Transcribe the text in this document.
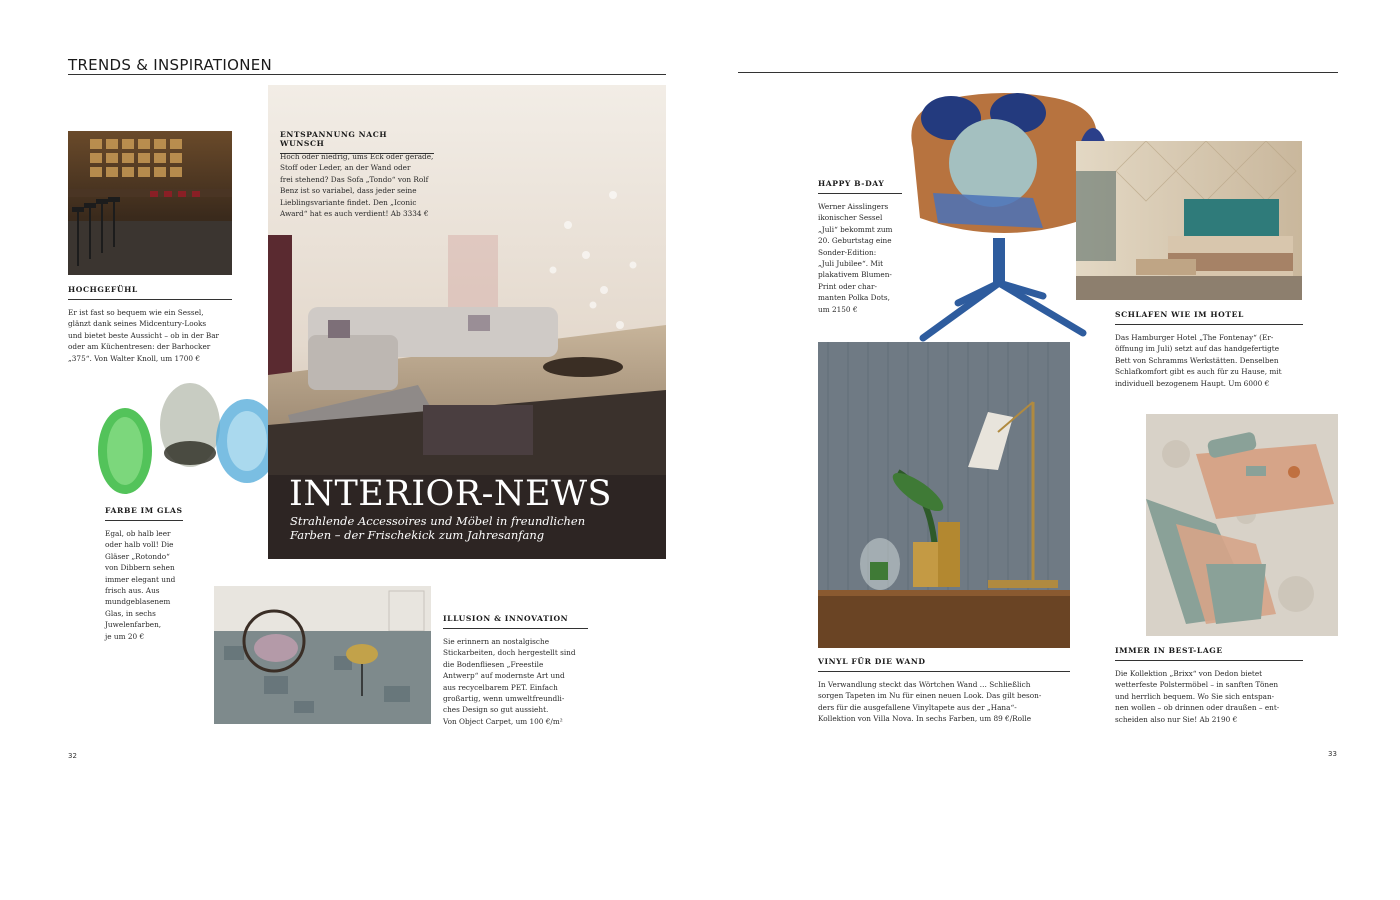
TRENDS & INSPIRATIONEN
32	33
INTERIOR-NEWS
Strahlende Accessoires und Möbel in freundlichen
Farben – der Frischekick zum Jahresanfang
ENTSPANNUNG NACH WUNSCH
Hoch oder niedrig, ums Eck oder gerade,
Stoff oder Leder, an der Wand oder
frei stehend? Das Sofa „Tondo“ von Rolf
Benz ist so variabel, dass jeder seine
Lieblingsvariante findet. Den „Iconic
Award“ hat es auch verdient! Ab 3334 €
HOCHGEFÜHL
Er ist fast so bequem wie ein Sessel,
glänzt dank seines Midcentury-Looks
und bietet beste Aussicht – ob in der Bar
oder am Küchentresen: der Barhocker
„375“. Von Walter Knoll, um 1700 €
FARBE IM GLAS
Egal, ob halb leer
oder halb voll! Die
Gläser „Rotondo“
von Dibbern sehen
immer elegant und
frisch aus. Aus
mundgeblasenem
Glas, in sechs
Juwelenfarben,
je um 20 €
ILLUSION & INNOVATION
Sie erinnern an nostalgische
Stickarbeiten, doch hergestellt sind
die Bodenfliesen „Freestile
Antwerp“ auf modernste Art und
aus recycelbarem PET. Einfach
großartig, wenn umweltfreundli-
ches Design so gut aussieht.
Von Object Carpet, um 100 €/m²
HAPPY B-DAY
Werner Aisslingers
ikonischer Sessel
„Juli“ bekommt zum
20. Geburtstag eine
Sonder-Edition:
„Juli Jubilee“. Mit
plakativem Blumen-
Print oder char-
manten Polka Dots,
um 2150 €
SCHLAFEN WIE IM HOTEL
Das Hamburger Hotel „The Fontenay“ (Er-
öffnung im Juli) setzt auf das handgefertigte
Bett von Schramms Werkstätten. Denselben
Schlafkomfort gibt es auch für zu Hause, mit
individuell bezogenem Haupt. Um 6000 €
VINYL FÜR DIE WAND
In Verwandlung steckt das Wörtchen Wand … Schließlich
sorgen Tapeten im Nu für einen neuen Look. Das gilt beson-
ders für die ausgefallene Vinyltapete aus der „Hana“-
Kollektion von Villa Nova. In sechs Farben, um 89 €/Rolle
IMMER IN BEST-LAGE
Die Kollektion „Brixx“ von Dedon bietet
wetterfeste Polstermöbel – in sanften Tönen
und herrlich bequem. Wo Sie sich entspan-
nen wollen – ob drinnen oder draußen – ent-
scheiden also nur Sie! Ab 2190 €
